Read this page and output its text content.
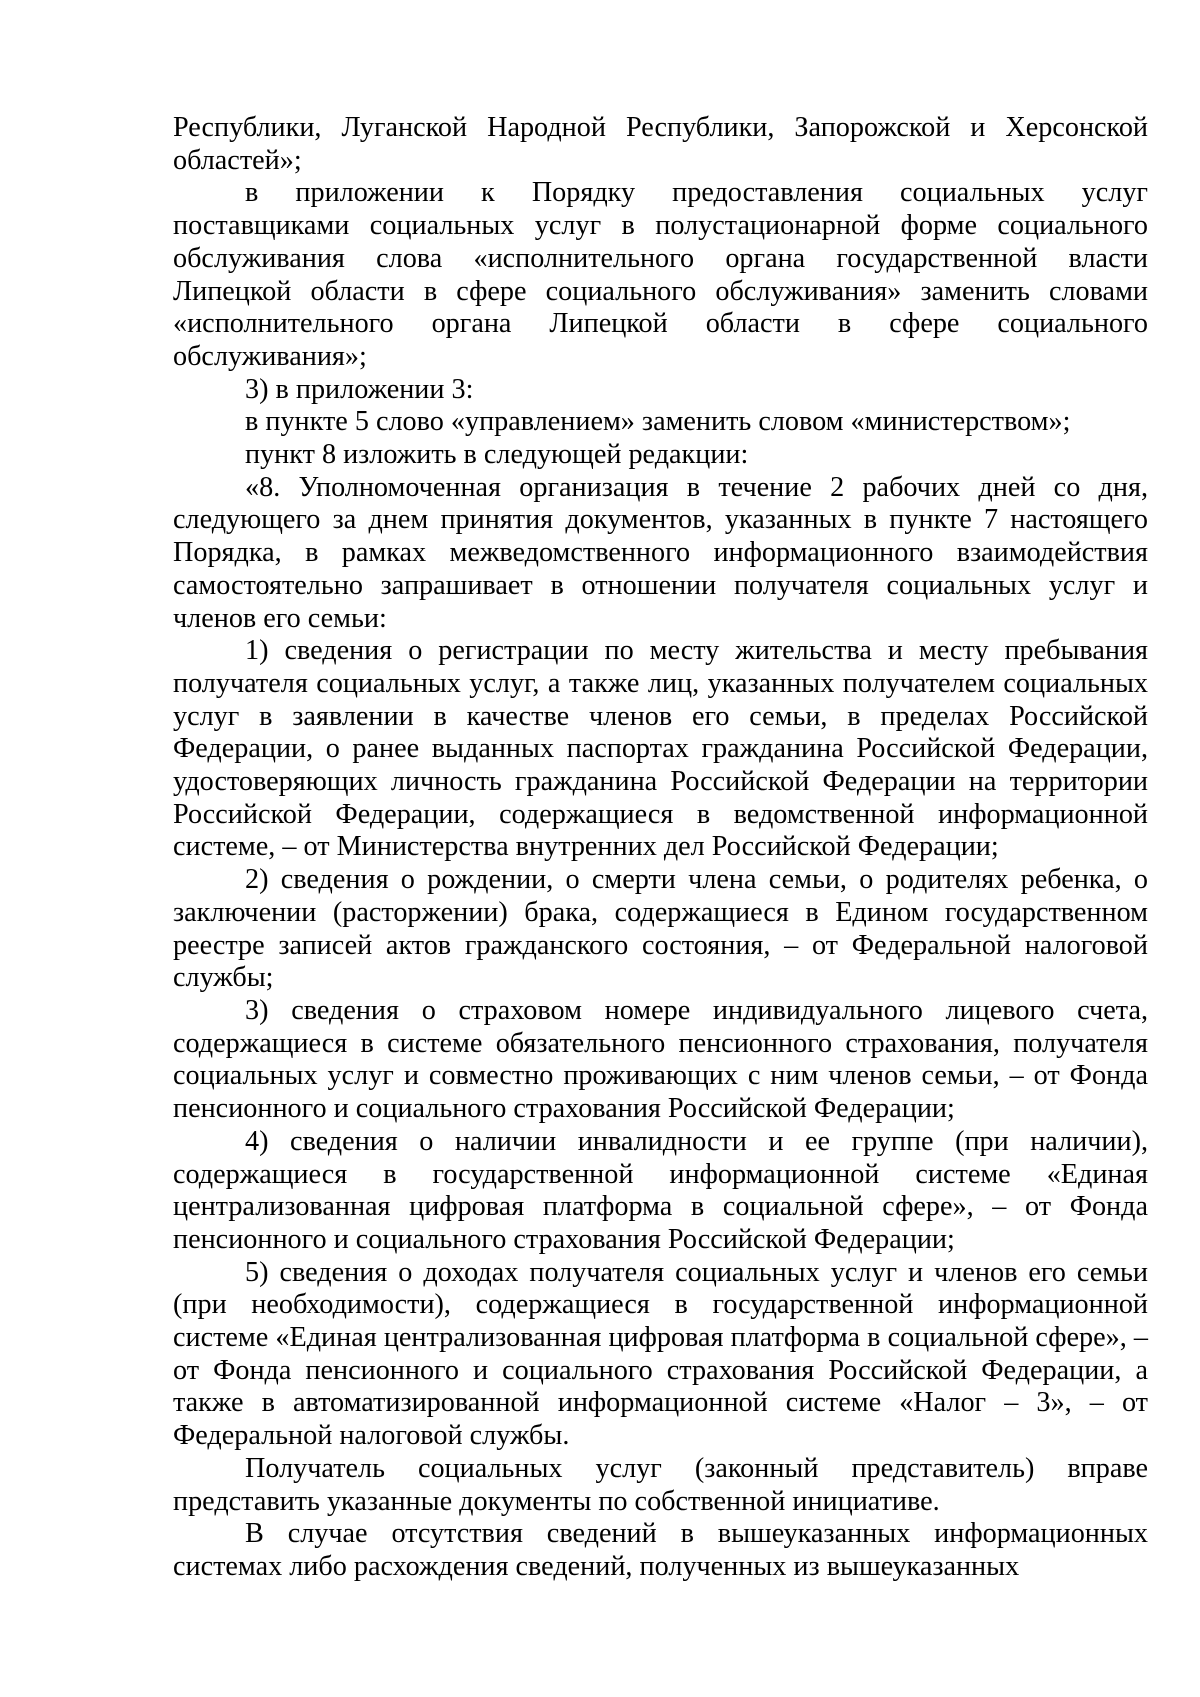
Республики, Луганской Народной Республики, Запорожской и Херсонской областей»;

в приложении к Порядку предоставления социальных услуг поставщиками социальных услуг в полустационарной форме социального обслуживания слова «исполнительного органа государственной власти Липецкой области в сфере социального обслуживания» заменить словами «исполнительного органа Липецкой области в сфере социального обслуживания»;

3) в приложении 3:

в пункте 5 слово «управлением» заменить словом «министерством»;

пункт 8 изложить в следующей редакции:

«8. Уполномоченная организация в течение 2 рабочих дней со дня, следующего за днем принятия документов, указанных в пункте 7 настоящего Порядка, в рамках межведомственного информационного взаимодействия самостоятельно запрашивает в отношении получателя социальных услуг и членов его семьи:

1) сведения о регистрации по месту жительства и месту пребывания получателя социальных услуг, а также лиц, указанных получателем социальных услуг в заявлении в качестве членов его семьи, в пределах Российской Федерации, о ранее выданных паспортах гражданина Российской Федерации, удостоверяющих личность гражданина Российской Федерации на территории Российской Федерации, содержащиеся в ведомственной информационной системе, – от Министерства внутренних дел Российской Федерации;

2) сведения о рождении, о смерти члена семьи, о родителях ребенка, о заключении (расторжении) брака, содержащиеся в Едином государственном реестре записей актов гражданского состояния, – от Федеральной налоговой службы;

3) сведения о страховом номере индивидуального лицевого счета, содержащиеся в системе обязательного пенсионного страхования, получателя социальных услуг и совместно проживающих с ним членов семьи, – от Фонда пенсионного и социального страхования Российской Федерации;

4) сведения о наличии инвалидности и ее группе (при наличии), содержащиеся в государственной информационной системе «Единая централизованная цифровая платформа в социальной сфере», – от Фонда пенсионного и социального страхования Российской Федерации;

5) сведения о доходах получателя социальных услуг и членов его семьи (при необходимости), содержащиеся в государственной информационной системе «Единая централизованная цифровая платформа в социальной сфере», – от Фонда пенсионного и социального страхования Российской Федерации, а также в автоматизированной информационной системе «Налог – 3», – от Федеральной налоговой службы.

Получатель социальных услуг (законный представитель) вправе представить указанные документы по собственной инициативе.

В случае отсутствия сведений в вышеуказанных информационных системах либо расхождения сведений, полученных из вышеуказанных
